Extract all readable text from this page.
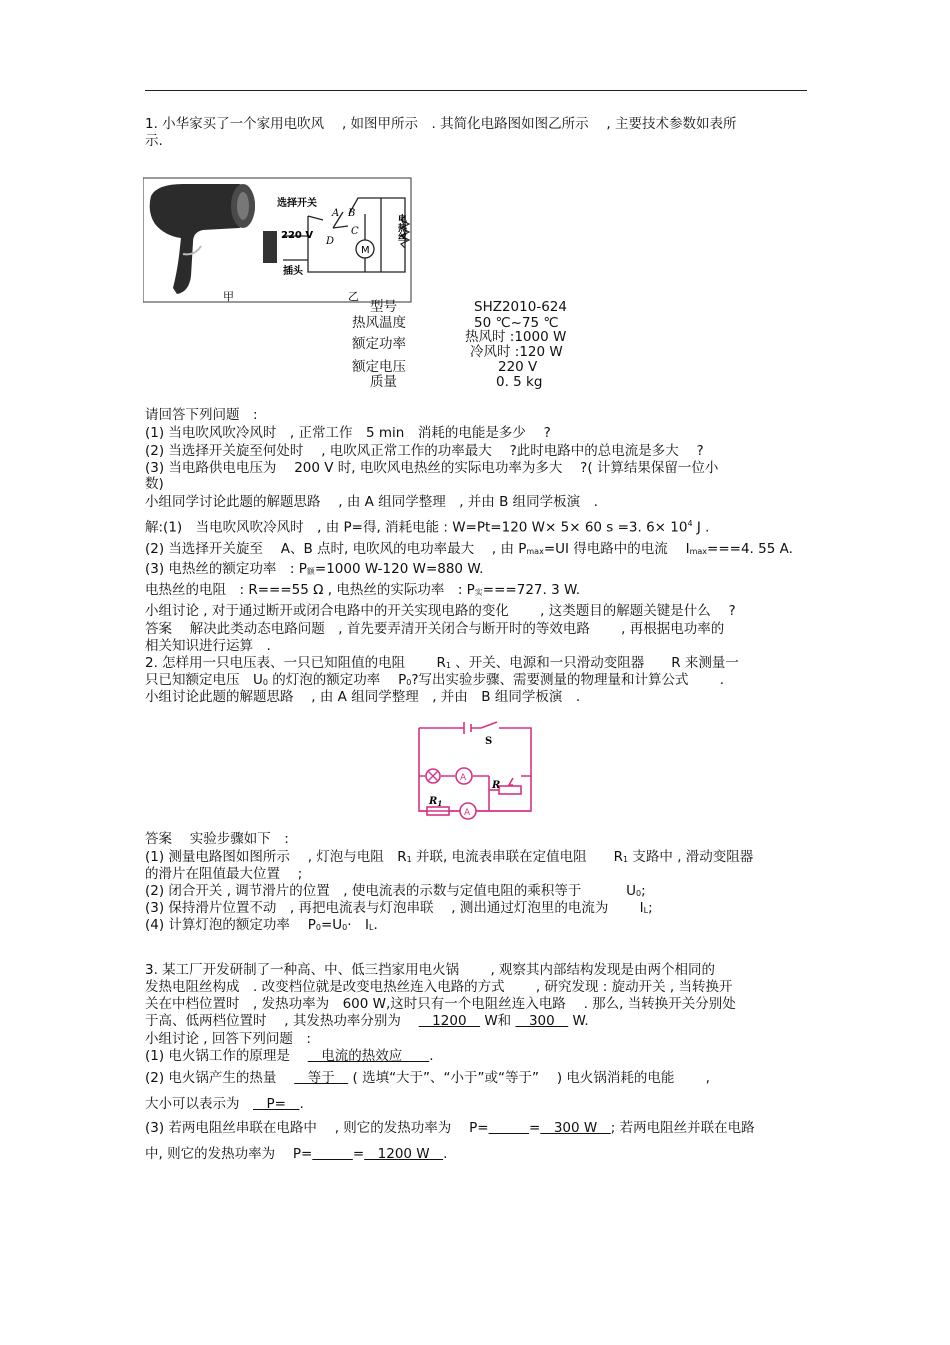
1. 小华家买了一个家用电吹风　 , 如图甲所示　. 其简化电路图如图乙所示　 , 主要技术参数如表所
示.
甲
M
选择开关
A B
C
D
220 V
插头
电热丝
乙
型号	SHZ2010-624
热风温度	50 ℃~75 ℃
额定功率	热风时 :1000 W
冷风时 :120 W
额定电压	220 V
质量	0. 5 kg
请回答下列问题　:
(1) 当电吹风吹冷风时　, 正常工作　5 min　消耗的电能是多少　 ?
(2) 当选择开关旋至何处时　 , 电吹风正常工作的功率最大　 ?此时电路中的总电流是多大　 ?
(3) 当电路供电电压为　 200 V 时, 电吹风电热丝的实际电功率为多大　 ?( 计算结果保留一位小
数)
小组同学讨论此题的解题思路　 , 由 A 组同学整理　, 并由 B 组同学板演　.
解:(1)　当电吹风吹冷风时　, 由 P=得, 消耗电能 : W=Pt=120 W× 5× 60 s =3. $6\times 10^4$ J .
(2) 当选择开关旋至　 A、B 点时, 电吹风的电功率最大　 , 由 $P_{max}=UI$ 得电路中的电流　 $I_{max}===4$. 55 A.
(3) 电热丝的额定功率　: $P_额=1000$ W-120 W=880 W.
电热丝的电阻　: R===55 Ω , 电热丝的实际功率　: $P_实===727$. 3 W.
小组讨论 , 对于通过断开或闭合电路中的开关实现电路的变化　　 , 这类题目的解题关键是什么　 ?
答案　 解决此类动态电路问题　, 首先要弄清开关闭合与断开时的等效电路　　 , 再根据电功率的
相关知识进行运算　.
2. 怎样用一只电压表、一只已知阻值的电阻　　 $R_1$ 、开关、电源和一只滑动变阻器　　R 来测量一
只已知额定电压　$U_0$ 的灯泡的额定功率　 $P_0$?写出实验步骤、需要测量的物理量和计算公式　　 .
小组讨论此题的解题思路　 , 由 A 组同学整理　, 并由　B 组同学板演　.
A
A
S
R
$R_1$
答案　 实验步骤如下　:
(1) 测量电路图如图所示　 , 灯泡与电阻　$R_1$ 并联, 电流表串联在定值电阻　　$R_1$ 支路中 , 滑动变阻器
的滑片在阻值最大位置　 ;
(2) 闭合开关 , 调节滑片的位置　, 使电流表的示数与定值电阻的乘积等于　　　 $U_0$;
(3) 保持滑片位置不动　, 再把电流表与灯泡串联　 , 测出通过灯泡里的电流为　　 $I_L$;
(4) 计算灯泡的额定功率　 $P_0=U_0\cdot$　$I_L$.
3. 某工厂开发研制了一种高、中、低三挡家用电火锅　　 , 观察其内部结构发现是由两个相同的
发热电阻丝构成　. 改变档位就是改变电热丝连入电路的方式　　 , 研究发现 : 旋动开关 , 当转换开
关在中档位置时　, 发热功率为　600 W,这时只有一个电阻丝连入电路　 . 那么, 当转换开关分别处
于高、低两档位置时　 , 其发热功率分别为　 　1200　 W和 　300　 W.
小组讨论 , 回答下列问题　:
(1) 电火锅工作的原理是　 　电流的热效应　　.
(2) 电火锅产生的热量　 　等于　 ( 选填“大于”、“小于”或“等于”　 ) 电火锅消耗的电能　　 ,
大小可以表示为　　P=　.
(3) 若两电阻丝串联在电路中　 , 则它的发热功率为　 P=　　　	=　300 W　; 若两电阻丝并联在电路
中, 则它的发热功率为　 P=　　　	=　1200 W　.
